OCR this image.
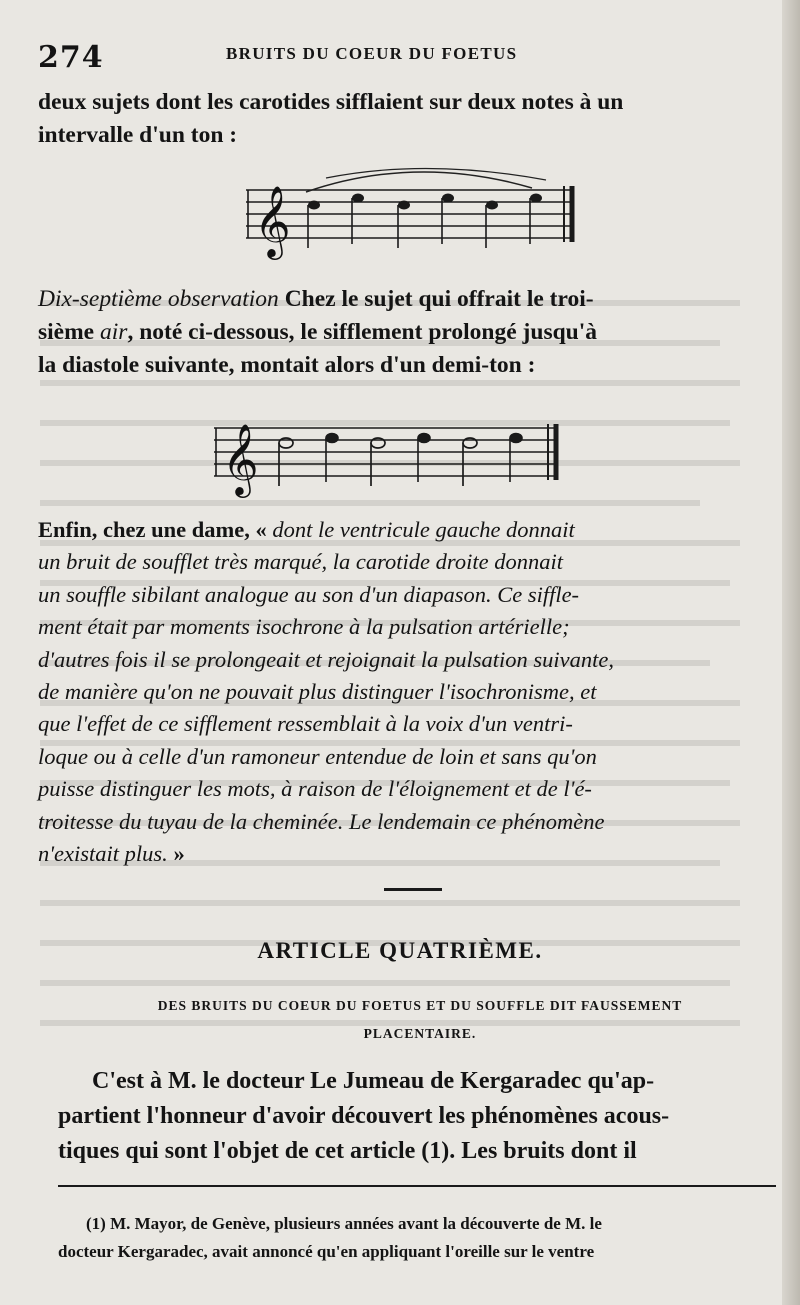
274	BRUITS DU COEUR DU FOETUS

deux sujets dont les carotides sifflaient sur deux notes à un

intervalle d'un ton :

𝄞

Dix-septième observation Chez le sujet qui offrait le troi-

sième air, noté ci-dessous, le sifflement prolongé jusqu'à

la diastole suivante, montait alors d'un demi-ton :

𝄞

Enfin, chez une dame, « dont le ventricule gauche donnait

un bruit de soufflet très marqué, la carotide droite donnait

un souffle sibilant analogue au son d'un diapason. Ce siffle-

ment était par moments isochrone à la pulsation artérielle;

d'autres fois il se prolongeait et rejoignait la pulsation suivante,

de manière qu'on ne pouvait plus distinguer l'isochronisme, et

que l'effet de ce sifflement ressemblait à la voix d'un ventri-

loque ou à celle d'un ramoneur entendue de loin et sans qu'on

puisse distinguer les mots, à raison de l'éloignement et de l'é-

troitesse du tuyau de la cheminée. Le lendemain ce phénomène

n'existait plus. »

ARTICLE QUATRIÈME.
DES BRUITS DU COEUR DU FOETUS ET DU SOUFFLE DIT FAUSSEMENT
PLACENTAIRE.

C'est à M. le docteur Le Jumeau de Kergaradec qu'ap-

partient l'honneur d'avoir découvert les phénomènes acous-

tiques qui sont l'objet de cet article (1). Les bruits dont il

(1) M. Mayor, de Genève, plusieurs années avant la découverte de M. le
docteur Kergaradec, avait annoncé qu'en appliquant l'oreille sur le ventre
